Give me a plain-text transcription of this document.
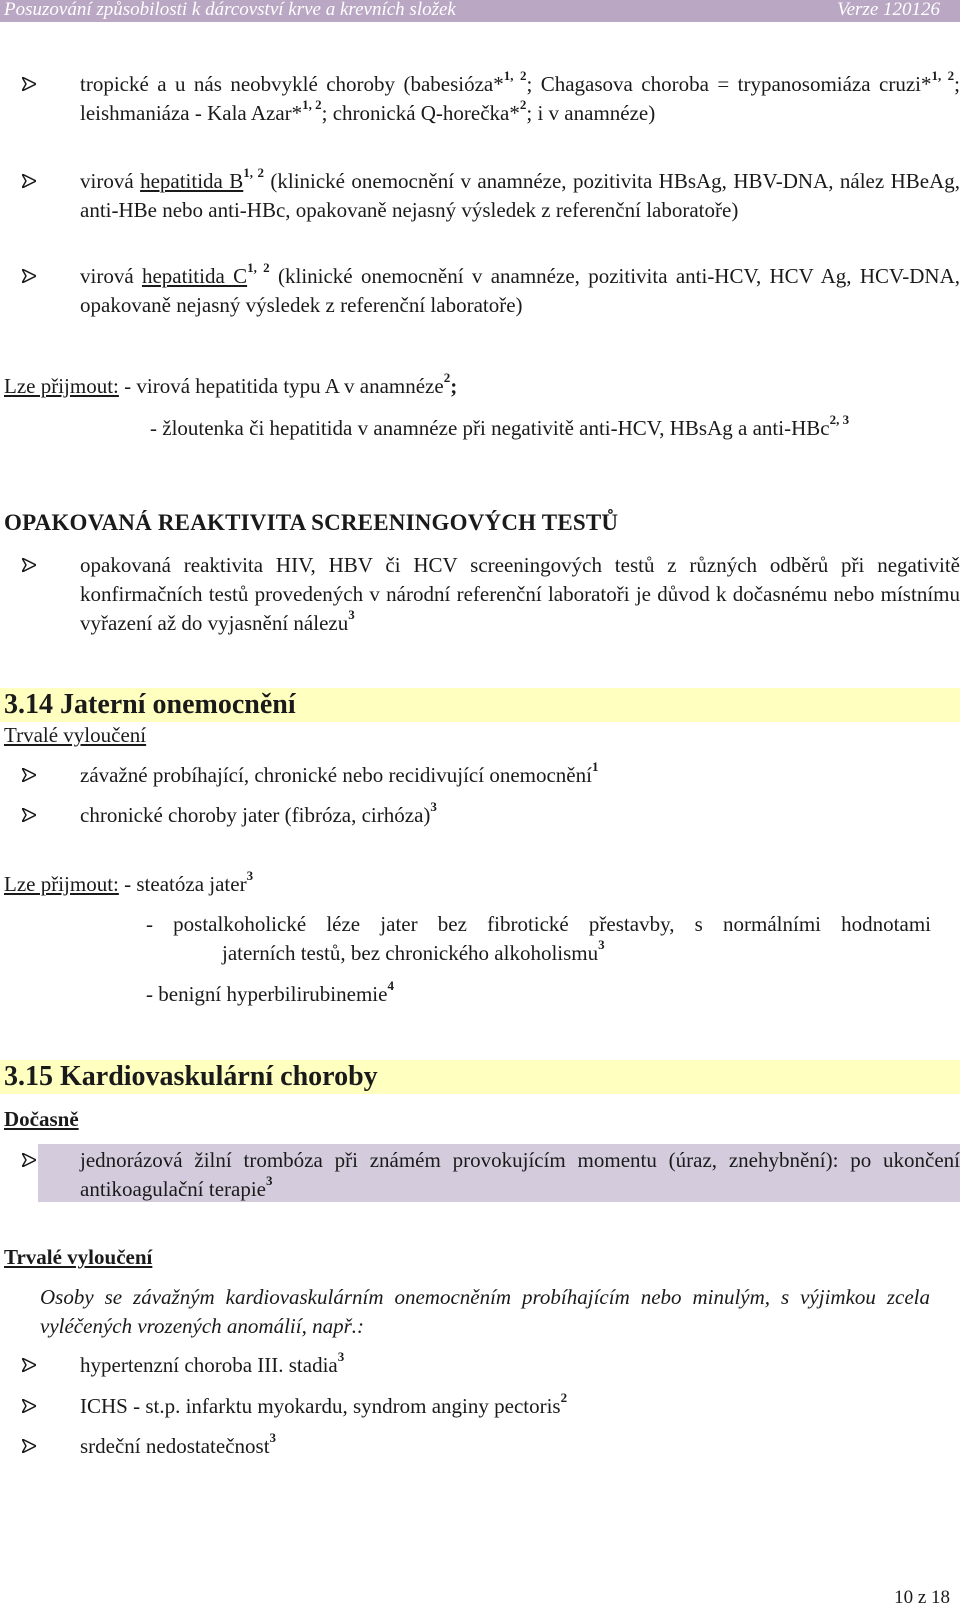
Posuzování způsobilosti k dárcovství krve a krevních složek	Verze 120126
tropické a u nás neobvyklé choroby (babesióza*$^{1, 2}$; Chagasova choroba = trypanosomiáza cruzi*$^{1, 2}$; leishmaniáza - Kala Azar*$^{1, 2}$; chronická Q-horečka*$^2$; i v anamnéze)
virová hepatitida B$^{1, 2}$ (klinické onemocnění v anamnéze, pozitivita HBsAg, HBV-DNA, nález HBeAg, anti-HBe nebo anti-HBc, opakovaně nejasný výsledek z referenční laboratoře)
virová hepatitida C$^{1, 2}$ (klinické onemocnění v anamnéze, pozitivita anti-HCV, HCV Ag, HCV-DNA, opakovaně nejasný výsledek z referenční laboratoře)
Lze přijmout: - virová hepatitida typu A v anamnéze$^2$;
- žloutenka či hepatitida v anamnéze při negativitě anti-HCV, HBsAg a anti-HBc$^{2, 3}$
OPAKOVANÁ REAKTIVITA SCREENINGOVÝCH TESTŮ
opakovaná reaktivita HIV, HBV či HCV screeningových testů z různých odběrů při negativitě konfirmačních testů provedených v národní referenční laboratoři je důvod k dočasnému nebo místnímu vyřazení až do vyjasnění nálezu$^3$
3.14 Jaterní onemocnění
Trvalé vyloučení
závažné probíhající, chronické nebo recidivující onemocnění$^1$
chronické choroby jater (fibróza, cirhóza)$^3$
Lze přijmout: - steatóza jater$^3$
- postalkoholické léze jater bez fibrotické přestavby, s normálními hodnotami
jaterních testů, bez chronického alkoholismu$^3$
- benigní hyperbilirubinemie$^4$
3.15 Kardiovaskulární choroby
Dočasně
jednorázová žilní trombóza při známém provokujícím momentu (úraz, znehybnění): po ukončení antikoagulační terapie$^3$
Trvalé vyloučení
Osoby se závažným kardiovaskulárním onemocněním probíhajícím nebo minulým, s výjimkou zcela vyléčených vrozených anomálií, např.:
hypertenzní choroba III. stadia$^3$
ICHS - st.p. infarktu myokardu, syndrom anginy pectoris$^2$
srdeční nedostatečnost$^3$
10 z 18
